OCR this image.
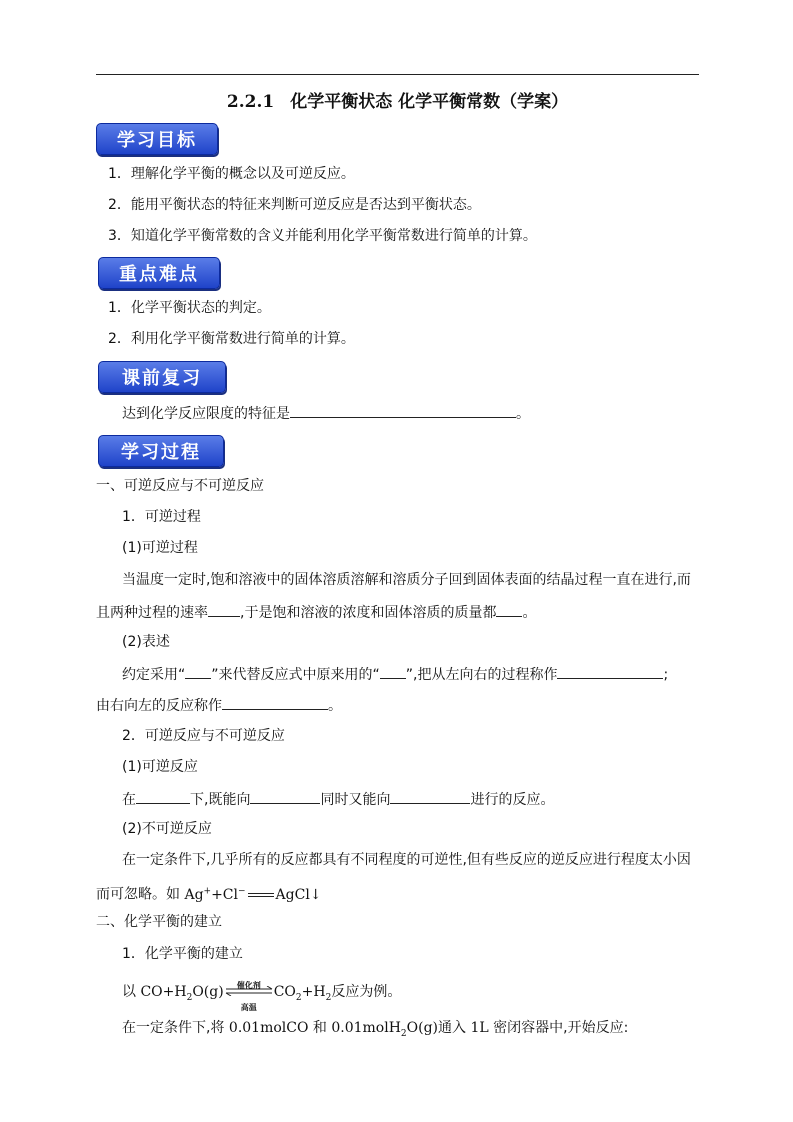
2.2.1 化学平衡状态 化学平衡常数（学案）
学习目标
1．理解化学平衡的概念以及可逆反应。
2．能用平衡状态的特征来判断可逆反应是否达到平衡状态。
3．知道化学平衡常数的含义并能利用化学平衡常数进行简单的计算。
重点难点
1．化学平衡状态的判定。
2．利用化学平衡常数进行简单的计算。
课前复习
达到化学反应限度的特征是	。
学习过程
一、可逆反应与不可逆反应
1．可逆过程
(1)可逆过程
当温度一定时,饱和溶液中的固体溶质溶解和溶质分子回到固体表面的结晶过程一直在进行,而
且两种过程的速率 ,于是饱和溶液的浓度和固体溶质的质量都 。
(2)表述
约定采用“ ”来代替反应式中原来用的“ ”,把从左向右的过程称作	;
由右向左的反应称作	。
2．可逆反应与不可逆反应
(1)可逆反应
在	下,既能向	同时又能向	进行的反应。
(2)不可逆反应
在一定条件下,几乎所有的反应都具有不同程度的可逆性,但有些反应的逆反应进行程度太小因
而可忽略。如 Ag++Cl− AgCl↓
二、化学平衡的建立
1．化学平衡的建立
以 $CO+H_2O(g)$	催化剂
高温
$CO_2+H_2$反应为例。
在一定条件下,将 0.01molCO 和 0.01molH$_2$O(g)通入 1L 密闭容器中,开始反应:
